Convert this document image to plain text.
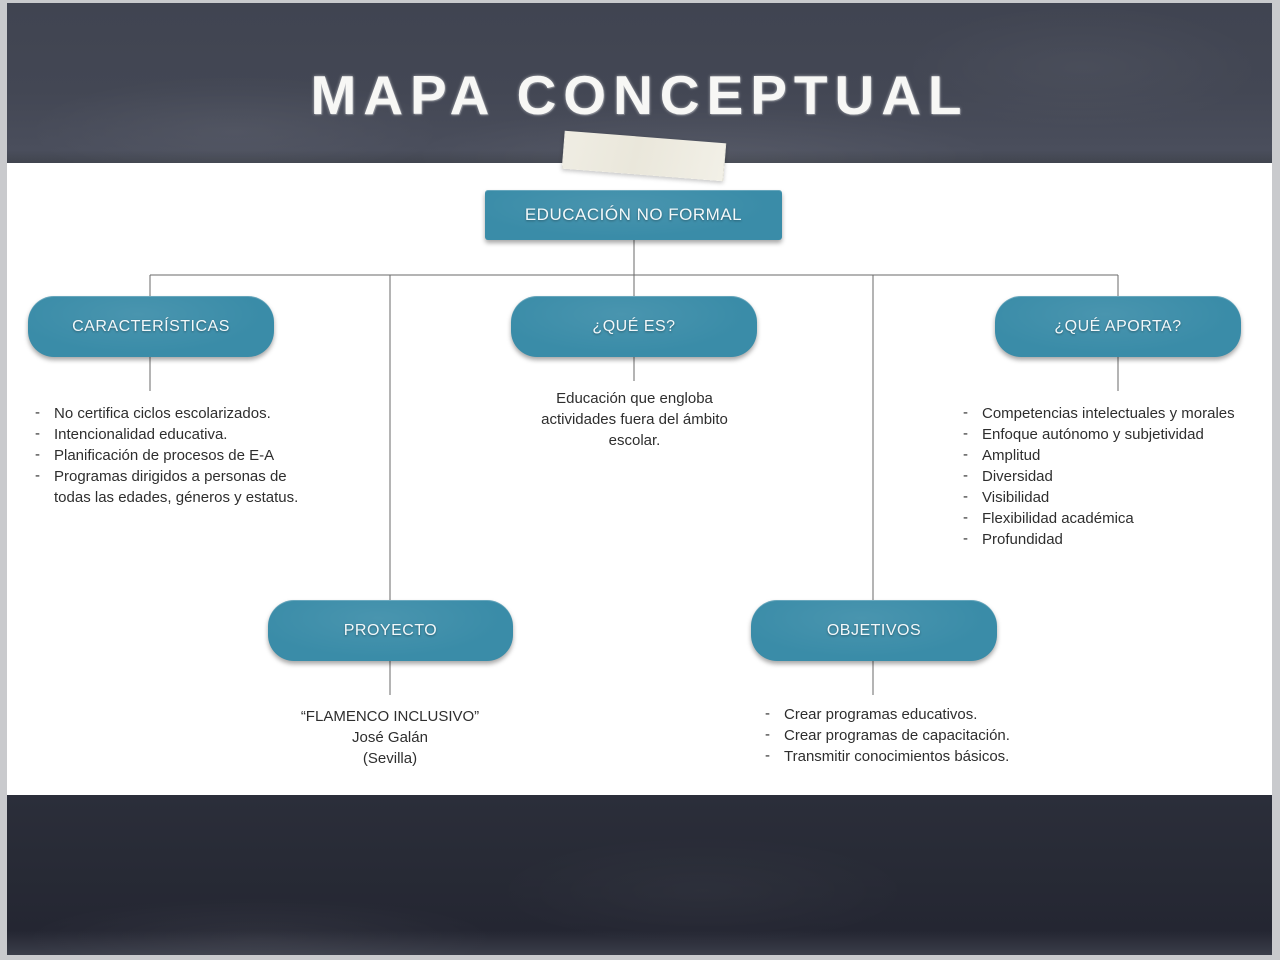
MAPA CONCEPTUAL
EDUCACIÓN NO FORMAL
CARACTERÍSTICAS	¿QUÉ ES?	¿QUÉ APORTA?
PROYECTO	OBJETIVOS
- No certifica ciclos escolarizados.
- Intencionalidad educativa.
- Planificación de procesos de E-A
- Programas dirigidos a personas de todas las edades, géneros y estatus.
Educación que engloba actividades fuera del ámbito escolar.
- Competencias intelectuales y morales
- Enfoque autónomo y subjetividad
- Amplitud
- Diversidad
- Visibilidad
- Flexibilidad académica
- Profundidad
“FLAMENCO INCLUSIVO”
José Galán
(Sevilla)
- Crear programas educativos.
- Crear programas de capacitación.
- Transmitir conocimientos básicos.
